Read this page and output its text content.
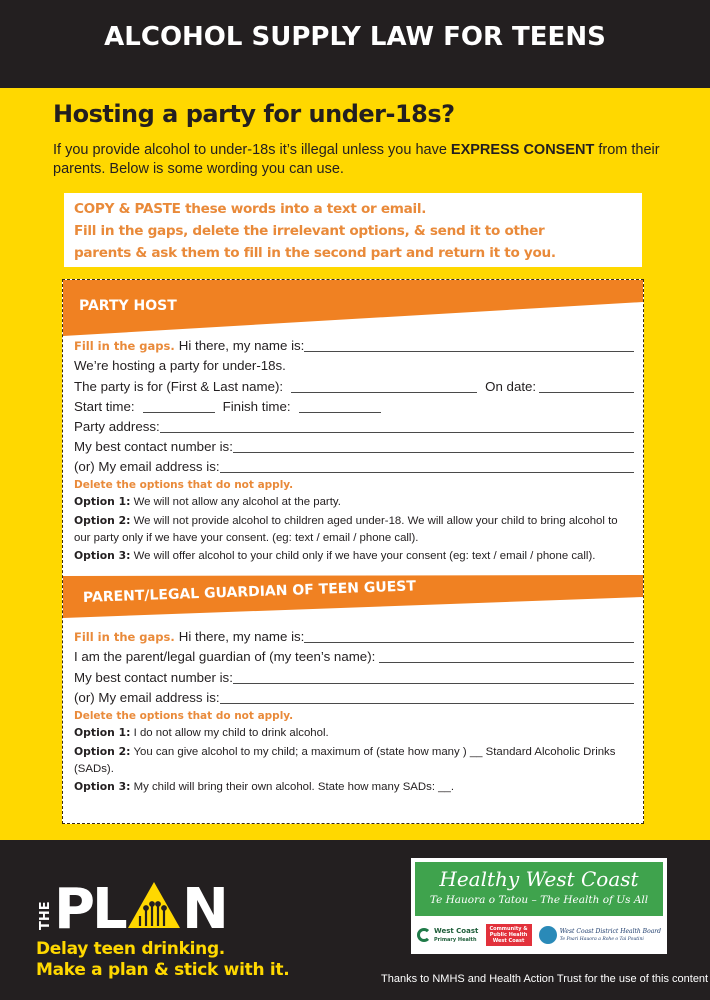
ALCOHOL SUPPLY LAW FOR TEENS
Hosting a party for under-18s?

If you provide alcohol to under-18s it’s illegal unless you have EXPRESS CONSENT from their parents. Below is some wording you can use.

COPY & PASTE these words into a text or email.
Fill in the gaps, delete the irrelevant options, & send it to other
parents & ask them to fill in the second part and return it to you.
PARTY HOST
Fill in the gaps. Hi there, my name is:
We’re hosting a party for under-18s.
The party is for (First & Last name):	On date:
Start time:	Finish time:
Party address:
My best contact number is:
(or) My email address is:
Delete the options that do not apply.
Option 1: We will not allow any alcohol at the party.
Option 2: We will not provide alcohol to children aged under-18. We will allow your child to bring alcohol to our party only if we have your consent. (eg: text / email / phone call).
Option 3: We will offer alcohol to your child only if we have your consent (eg: text / email / phone call).
PARENT/LEGAL GUARDIAN OF TEEN GUEST
Fill in the gaps. Hi there, my name is:
I am the parent/legal guardian of (my teen’s name):
My best contact number is:
(or) My email address is:
Delete the options that do not apply.
Option 1: I do not allow my child to drink alcohol.
Option 2: You can give alcohol to my child; a maximum of (state how many ) __ Standard Alcoholic Drinks (SADs).
Option 3: My child will bring their own alcohol. State how many SADs: __.
THE PL N
Delay teen drinking.
Make a plan & stick with it.
Healthy West Coast
Te Hauora o Tatou – The Health of Us All
West Coast
Primary Health
Community & Public Health West Coast
West Coast District Health Board
Te Poari Hauora a Rohe o Tai Poutini
Thanks to NMHS and Health Action Trust for the use of this content
